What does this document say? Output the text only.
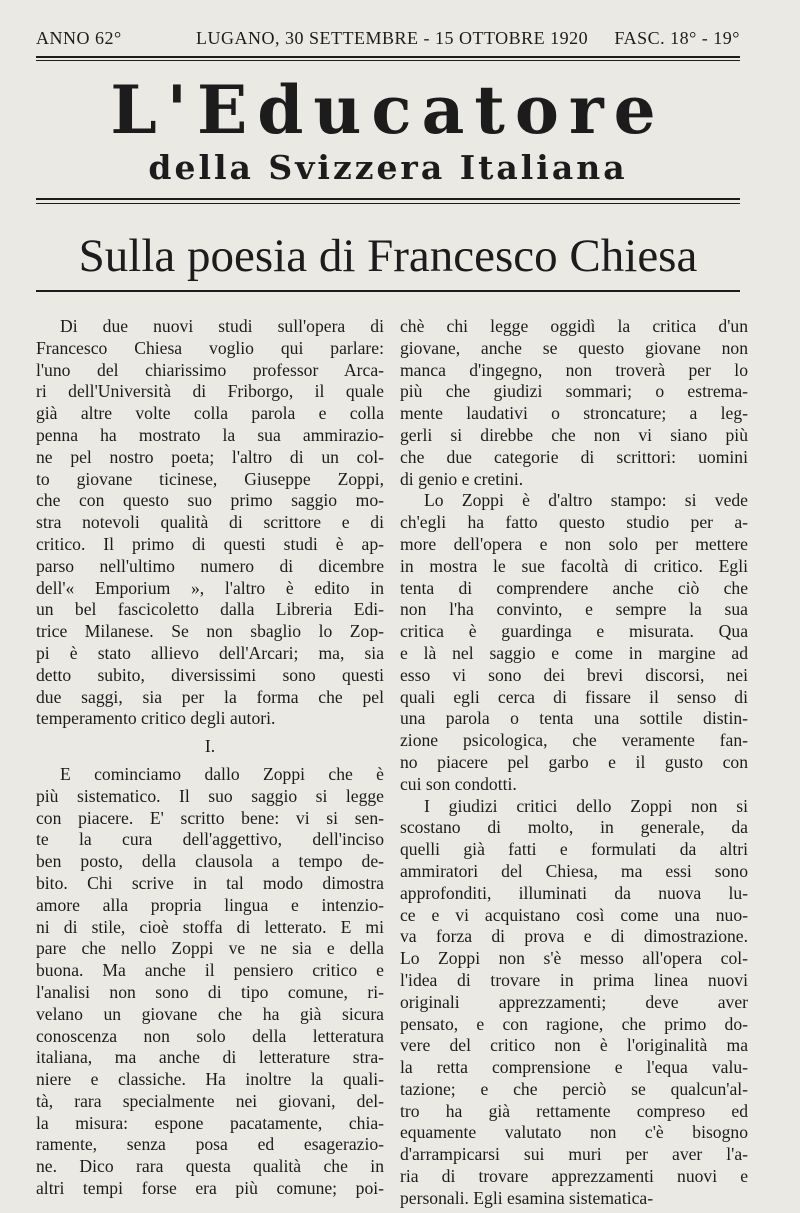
ANNO 62°	LUGANO, 30 SETTEMBRE - 15 OTTOBRE 1920 FASC. 18° - 19°
L'Educatore
della Svizzera Italiana
Sulla poesia di Francesco Chiesa
Di due nuovi studi sull'opera di
Francesco Chiesa voglio qui parlare:
l'uno del chiarissimo professor Arca-
ri dell'Università di Friborgo, il quale
già altre volte colla parola e colla
penna ha mostrato la sua ammirazio-
ne pel nostro poeta; l'altro di un col-
to giovane ticinese, Giuseppe Zoppi,
che con questo suo primo saggio mo-
stra notevoli qualità di scrittore e di
critico. Il primo di questi studi è ap-
parso nell'ultimo numero di dicembre
dell'« Emporium », l'altro è edito in
un bel fascicoletto dalla Libreria Edi-
trice Milanese. Se non sbaglio lo Zop-
pi è stato allievo dell'Arcari; ma, sia
detto subito, diversissimi sono questi
due saggi, sia per la forma che pel
temperamento critico degli autori.
I.
E cominciamo dallo Zoppi che è
più sistematico. Il suo saggio si legge
con piacere. E' scritto bene: vi si sen-
te la cura dell'aggettivo, dell'inciso
ben posto, della clausola a tempo de-
bito. Chi scrive in tal modo dimostra
amore alla propria lingua e intenzio-
ni di stile, cioè stoffa di letterato. E mi
pare che nello Zoppi ve ne sia e della
buona. Ma anche il pensiero critico e
l'analisi non sono di tipo comune, ri-
velano un giovane che ha già sicura
conoscenza non solo della letteratura
italiana, ma anche di letterature stra-
niere e classiche. Ha inoltre la quali-
tà, rara specialmente nei giovani, del-
la misura: espone pacatamente, chia-
ramente, senza posa ed esagerazio-
ne. Dico rara questa qualità che in
altri tempi forse era più comune; poi-
chè chi legge oggidì la critica d'un
giovane, anche se questo giovane non
manca d'ingegno, non troverà per lo
più che giudizi sommari; o estrema-
mente laudativi o stroncature; a leg-
gerli si direbbe che non vi siano più
che due categorie di scrittori: uomini
di genio e cretini.
Lo Zoppi è d'altro stampo: si vede
ch'egli ha fatto questo studio per a-
more dell'opera e non solo per mettere
in mostra le sue facoltà di critico. Egli
tenta di comprendere anche ciò che
non l'ha convinto, e sempre la sua
critica è guardinga e misurata. Qua
e là nel saggio e come in margine ad
esso vi sono dei brevi discorsi, nei
quali egli cerca di fissare il senso di
una parola o tenta una sottile distin-
zione psicologica, che veramente fan-
no piacere pel garbo e il gusto con
cui son condotti.
I giudizi critici dello Zoppi non si
scostano di molto, in generale, da
quelli già fatti e formulati da altri
ammiratori del Chiesa, ma essi sono
approfonditi, illuminati da nuova lu-
ce e vi acquistano così come una nuo-
va forza di prova e di dimostrazione.
Lo Zoppi non s'è messo all'opera col-
l'idea di trovare in prima linea nuovi
originali apprezzamenti; deve aver
pensato, e con ragione, che primo do-
vere del critico non è l'originalità ma
la retta comprensione e l'equa valu-
tazione; e che perciò se qualcun'al-
tro ha già rettamente compreso ed
equamente valutato non c'è bisogno
d'arrampicarsi sui muri per aver l'a-
ria di trovare apprezzamenti nuovi e
personali. Egli esamina sistematica-
